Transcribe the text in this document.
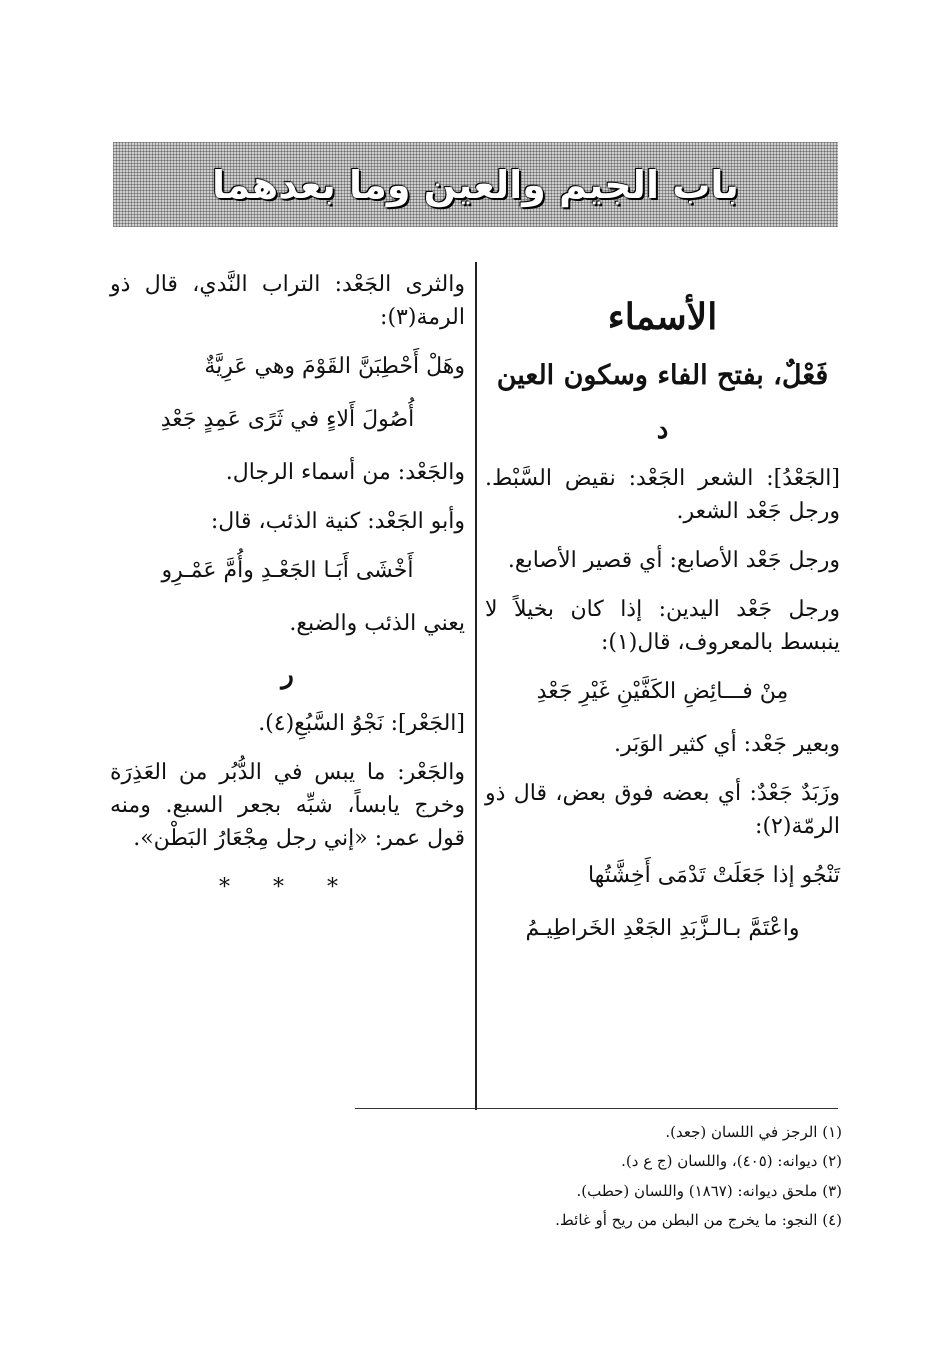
باب الجيم والعين وما بعدهما
الأسماء
فَعْلٌ، بفتح الفاء وسكون العين
د

[الجَعْدُ]: الشعر الجَعْد: نقيض السَّبْط. ورجل جَعْد الشعر.

ورجل جَعْد الأصابع: أي قصير الأصابع.

ورجل جَعْد اليدين: إذا كان بخيلاً لا ينبسط بالمعروف، قال(١):

مِنْ فـــائِضِ الكَفَّيْنِ غَيْرِ جَعْدِ

وبعير جَعْد: أي كثير الوَبَر.

وزَبَدٌ جَعْدٌ: أي بعضه فوق بعض، قال ذو الرمّة(٢):

تَنْجُو إذا جَعَلَتْ تَدْمَى أَخِشَّتُها
واعْتَمَّ بـالـزَّبَدِ الجَعْدِ الخَراطِيـمُ

والثرى الجَعْد: التراب النَّدي، قال ذو الرمة(٣):

وهَلْ أَحْطِبَنَّ القَوْمَ وهي عَرِيَّةٌ
أُصُولَ أَلاءٍ في ثَرًى عَمِدٍ جَعْدِ

والجَعْد: من أسماء الرجال.

وأبو الجَعْد: كنية الذئب، قال:

أَخْشَى أَبَـا الجَعْـدِ وأُمَّ عَمْـرِو

يعني الذئب والضبع.

ر

[الجَعْر]: نَجْوُ السَّبُعِ(٤).

والجَعْر: ما يبس في الدُّبُر من العَذِرَة وخرج يابساً، شبِّه بجعر السبع. ومنه قول عمر: «إني رجل مِجْعَارُ البَطْن».

* * *

(١) الرجز في اللسان (جعد).

(٢) ديوانه: (٤٠٥)، واللسان (ج ع د).

(٣) ملحق ديوانه: (١٨٦٧) واللسان (حطب).

(٤) النجو: ما يخرج من البطن من ريح أو غائط.
